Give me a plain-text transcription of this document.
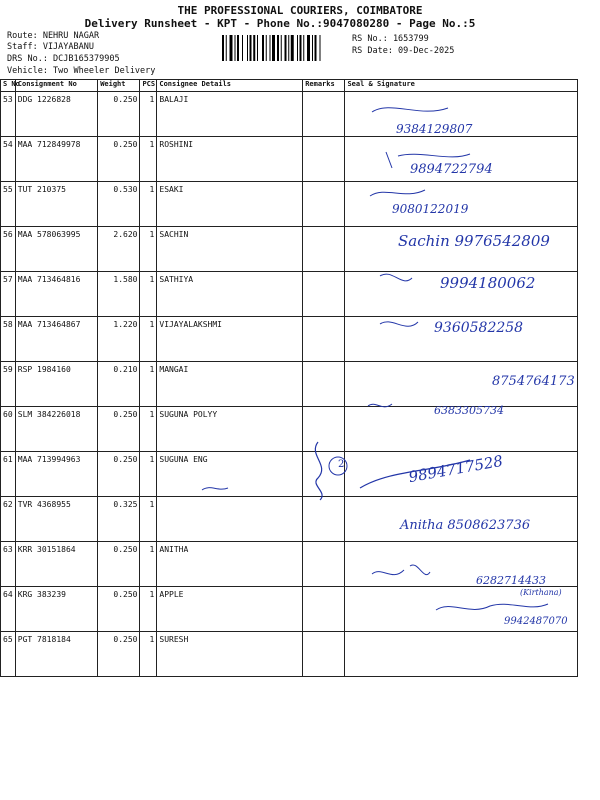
THE PROFESSIONAL COURIERS, COIMBATORE
Delivery Runsheet - KPT - Phone No.:9047080280 - Page No.:5
Route: NEHRU NAGAR
Staff: VIJAYABANU
DRS No.: DCJB165379905
Vehicle: Two Wheeler Delivery
RS No.: 1653799
RS Date: 09-Dec-2025
S No	Consignment No	Weight	PCS	Consignee Details	Remarks	Seal & Signature
53	DDG 1226828	0.250	1	BALAJI		
54	MAA 712849978	0.250	1	ROSHINI		
55	TUT 210375	0.530	1	ESAKI		
56	MAA 578063995	2.620	1	SACHIN		
57	MAA 713464816	1.580	1	SATHIYA		
58	MAA 713464867	1.220	1	VIJAYALAKSHMI		
59	RSP 1984160	0.210	1	MANGAI		
60	SLM 384226018	0.250	1	SUGUNA POLYY		
61	MAA 713994963	0.250	1	SUGUNA ENG		
62	TVR 4368955	0.325	1			
63	KRR 30151864	0.250	1	ANITHA		
64	KRG 383239	0.250	1	APPLE		
65	PGT 7818184	0.250	1	SURESH		
9384129807
9894722794
9080122019
Sachin 9976542809
9994180062
9360582258
8754764173
6383305734
2	9894717528
Anitha 8508623736
6282714433
(Kirthana)
9942487070
